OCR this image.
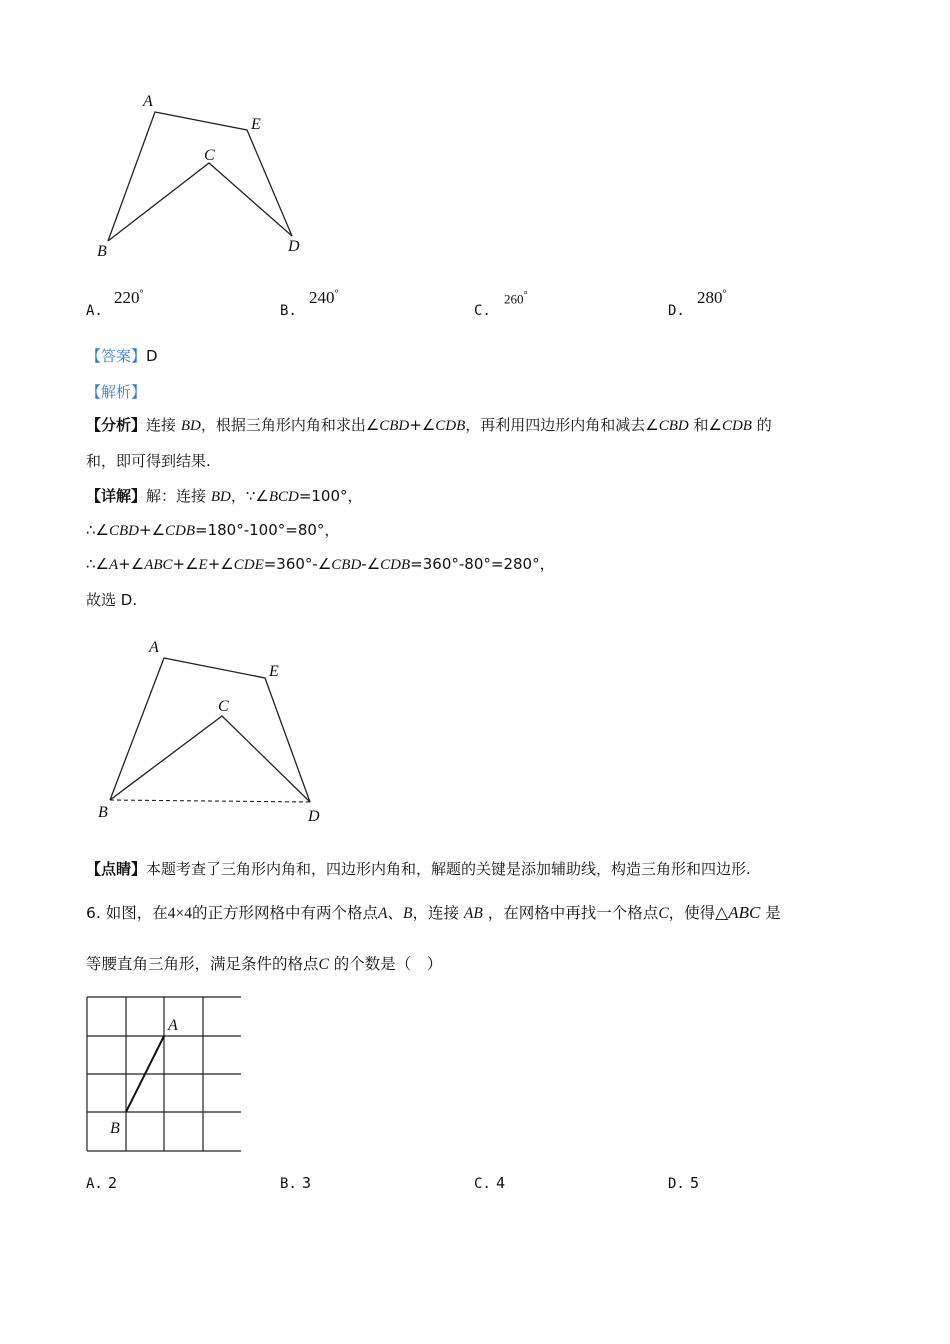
A
E
C
B	D
A.
220°
B.
240°
C.
260°
D.
280°
【答案】D
【解析】
【分析】连接 BD，根据三角形内角和求出∠CBD+∠CDB，再利用四边形内角和减去∠CBD 和∠CDB 的
和，即可得到结果.
【详解】解：连接 BD，∵∠BCD=100°，
∴∠CBD+∠CDB=180°-100°=80°，
∴∠A+∠ABC+∠E+∠CDE=360°-∠CBD-∠CDB=360°-80°=280°，
故选 D.
A
E
C
B	D
【点睛】本题考查了三角形内角和，四边形内角和，解题的关键是添加辅助线，构造三角形和四边形.
6. 如图，在4×4的正方形网格中有两个格点A、B，连接 AB ，在网格中再找一个格点C，使得△ABC 是
等腰直角三角形，满足条件的格点C 的个数是（　）
A
B
A. 2	B. 3	C. 4	D. 5
